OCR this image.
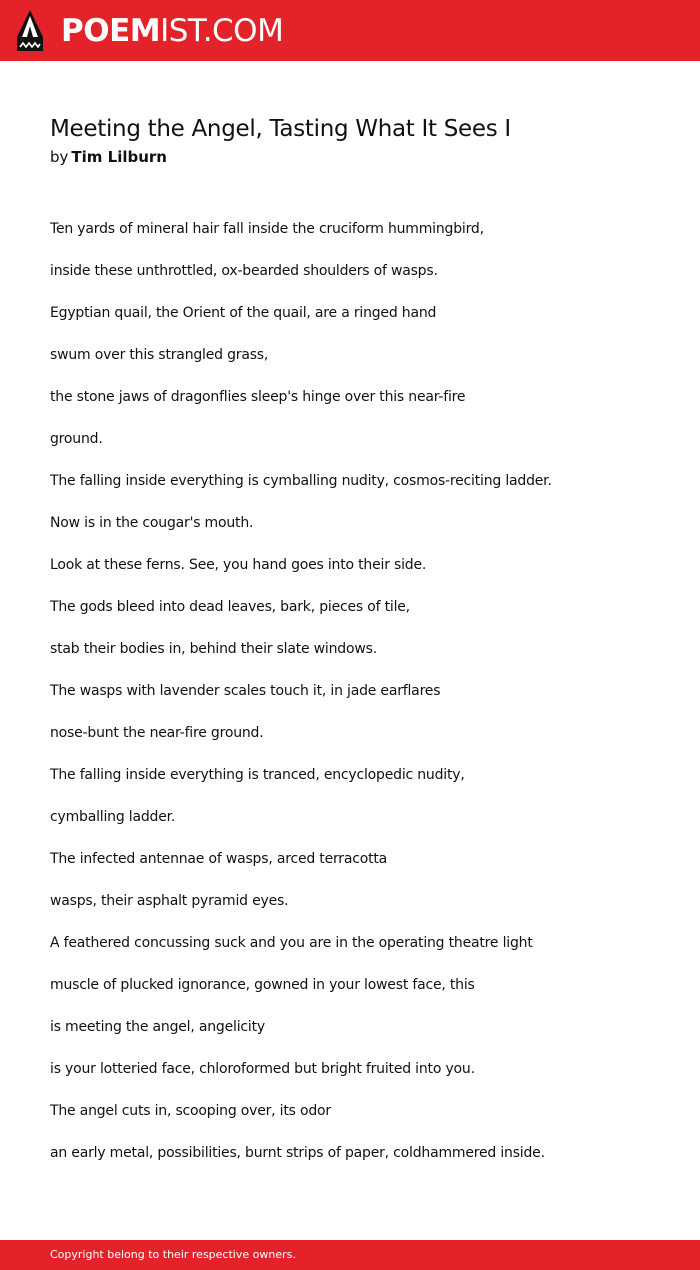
POEMIST.COM
Meeting the Angel, Tasting What It Sees I
by Tim Lilburn
Ten yards of mineral hair fall inside the cruciform hummingbird,
inside these unthrottled, ox-bearded shoulders of wasps.
Egyptian quail, the Orient of the quail, are a ringed hand
swum over this strangled grass,
the stone jaws of dragonflies sleep's hinge over this near-fire
ground.
The falling inside everything is cymballing nudity, cosmos-reciting ladder.
Now is in the cougar's mouth.
Look at these ferns. See, you hand goes into their side.
The gods bleed into dead leaves, bark, pieces of tile,
stab their bodies in, behind their slate windows.
The wasps with lavender scales touch it, in jade earflares
nose-bunt the near-fire ground.
The falling inside everything is tranced, encyclopedic nudity,
cymballing ladder.
The infected antennae of wasps, arced terracotta
wasps, their asphalt pyramid eyes.
A feathered concussing suck and you are in the operating theatre light
muscle of plucked ignorance, gowned in your lowest face, this
is meeting the angel, angelicity
is your lotteried face, chloroformed but bright fruited into you.
The angel cuts in, scooping over, its odor
an early metal, possibilities, burnt strips of paper, coldhammered inside.
Copyright belong to their respective owners.
